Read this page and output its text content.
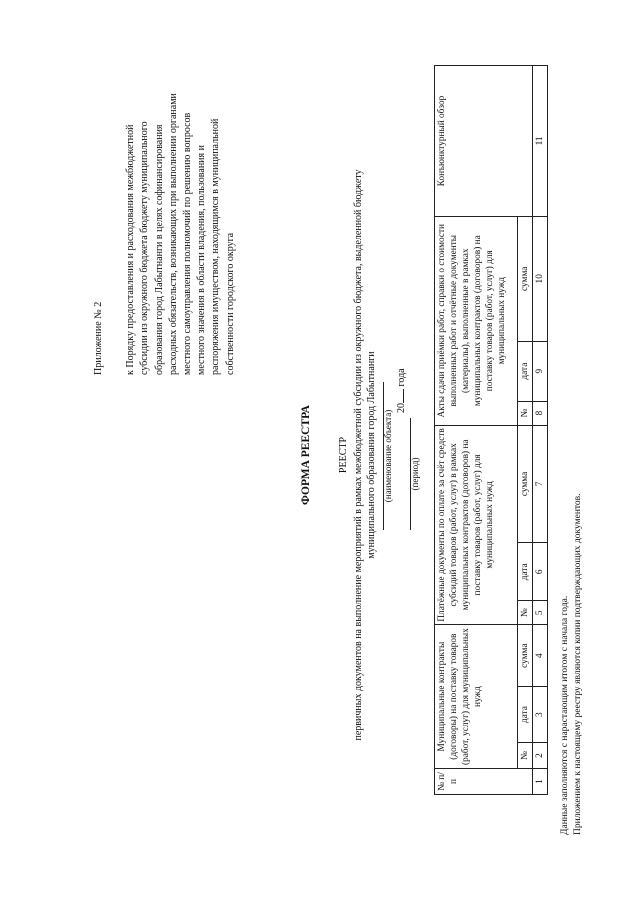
Приложение № 2 к Порядку предоставления и расходования межбюджетной субсидии из окружного бюджета бюджету муниципального образования город Лабытнанги в целях софинансирования расходных обязательств, возникающих при выполнении органами местного самоуправления полномочий по решению вопросов местного значения в области владения, пользования и распоряжения имуществом, находящимся в муниципальной собственности городского округа
ФОРМА РЕЕСТРА	РЕЕСТР первичных документов на выполнение мероприятий в рамках межбюджетной субсидии из окружного бюджета, выделенной бюджету муниципального образования город Лабытнанги (наименование объекта) (период)
20 года
№ п/п	Муниципальные контракты (договоры) на поставку товаров (работ, услуг) для муниципальных нужд			Платёжные документы по оплате за счёт средств субсидий товаров (работ, услуг) в рамках муниципальных контрактов (договоров) на поставку товаров (работ, услуг) для муниципальных нужд			Акты сдачи приёмки работ, справки о стоимости выполненных работ и отчётные документы (материалы), выполненные в рамках муниципальных контрактов (договоров) на поставку товаров (работ, услуг) для муниципальных нужд			Конъюнктурный обзор
	№	дата	сумма	№	дата	сумма	№	дата	сумма	
1	2	3	4	5	6	7	8	9	10	11
Данные заполняются с нарастающим итогом с начала года. Приложением к настоящему реестру являются копии подтверждающих документов.
